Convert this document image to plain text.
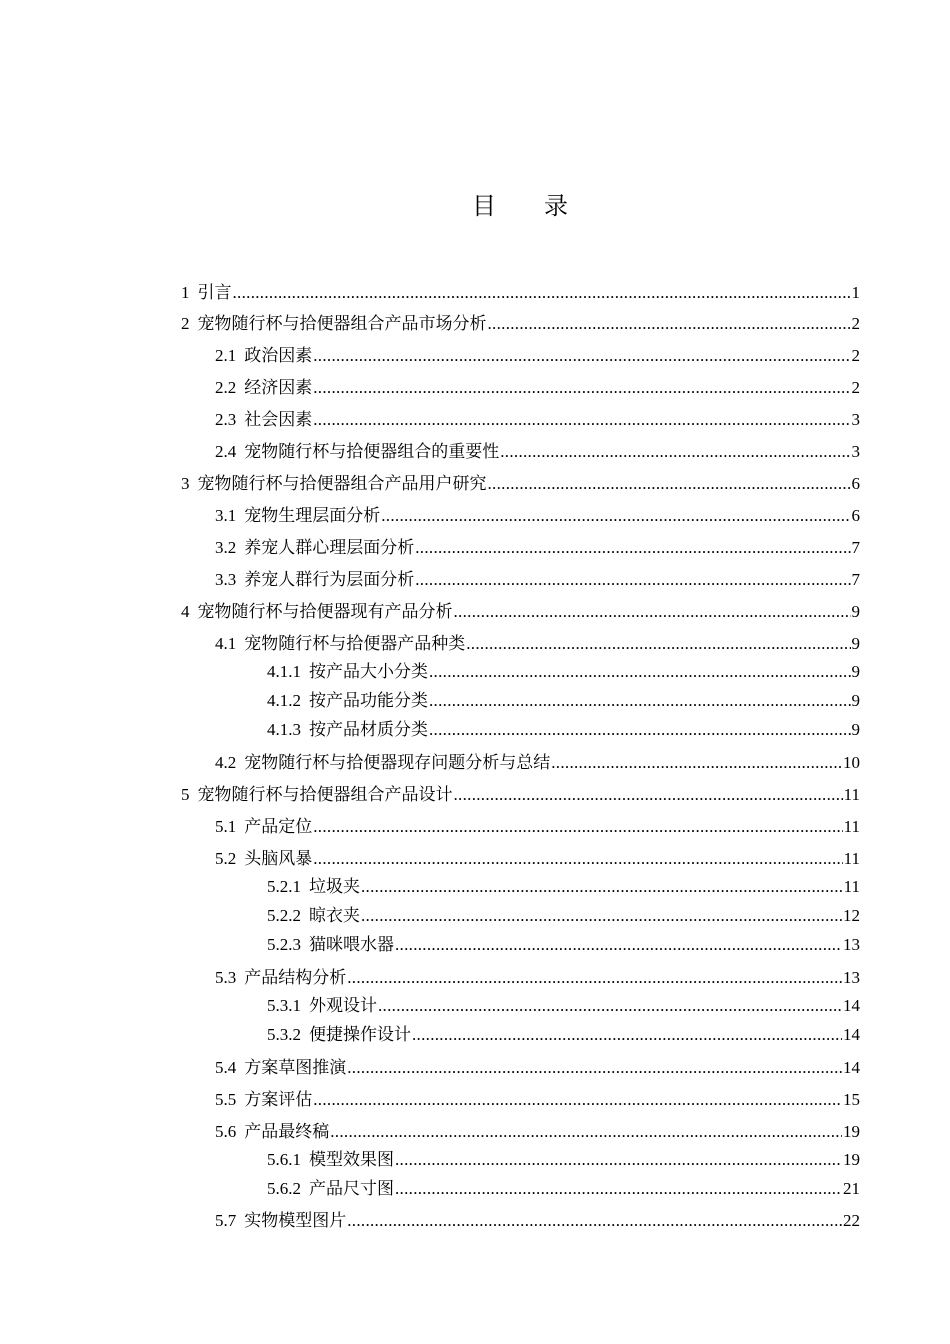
目 录
1 引言 .....	1
2 宠物随行杯与拾便器组合产品市场分析 .....	2
2.1 政治因素 .....	2
2.2 经济因素 .....	2
2.3 社会因素 .....	3
2.4 宠物随行杯与拾便器组合的重要性 .....	3
3 宠物随行杯与拾便器组合产品用户研究 .....	6
3.1 宠物生理层面分析 .....	6
3.2 养宠人群心理层面分析 .....	7
3.3 养宠人群行为层面分析 .....	7
4 宠物随行杯与拾便器现有产品分析 .....	9
4.1 宠物随行杯与拾便器产品种类 .....	9
4.1.1 按产品大小分类 .....	9
4.1.2 按产品功能分类 .....	9
4.1.3 按产品材质分类 .....	9
4.2 宠物随行杯与拾便器现存问题分析与总结 .....	10
5 宠物随行杯与拾便器组合产品设计 .....	11
5.1 产品定位 .....	11
5.2 头脑风暴 .....	11
5.2.1 垃圾夹 .....	11
5.2.2 晾衣夹 .....	12
5.2.3 猫咪喂水器 .....	13
5.3 产品结构分析 .....	13
5.3.1 外观设计 .....	14
5.3.2 便捷操作设计 .....	14
5.4 方案草图推演 .....	14
5.5 方案评估 .....	15
5.6 产品最终稿 .....	19
5.6.1 模型效果图 .....	19
5.6.2 产品尺寸图 .....	21
5.7 实物模型图片 .....	22
